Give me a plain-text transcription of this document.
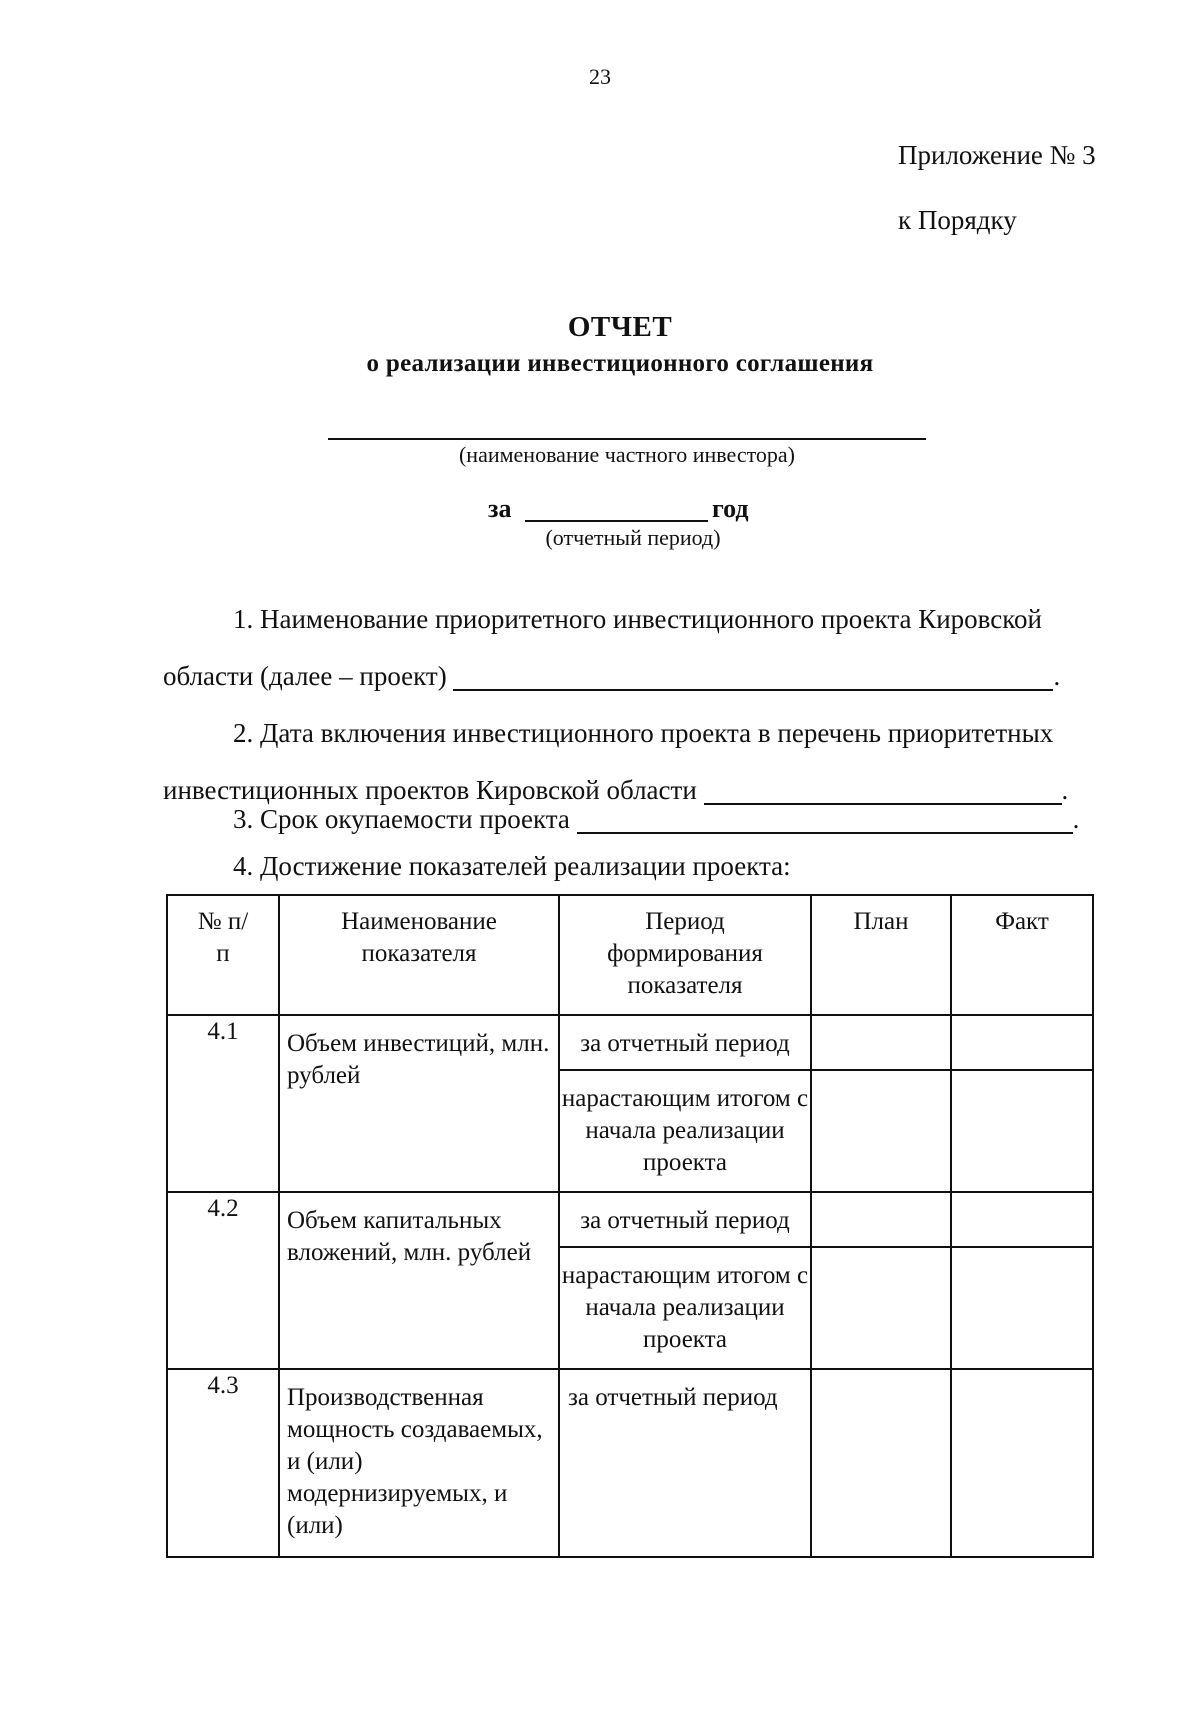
23
Приложение № 3
к Порядку
ОТЧЕТ
о реализации инвестиционного соглашения
(наименование частного инвестора)
за	год
(отчетный период)
1. Наименование приоритетного инвестиционного проекта Кировской
области (далее – проект)	.
2. Дата включения инвестиционного проекта в перечень приоритетных
инвестиционных проектов Кировской области	.
3. Срок окупаемости проекта	.
4. Достижение показателей реализации проекта:
№ п/п	Наименование показателя	Период формирования показателя	План	Факт
4.1	Объем инвестиций, млн. рублей	за отчетный период		
		нарастающим итогом с начала реализации проекта		
4.2	Объем капитальных вложений, млн. рублей	за отчетный период		
		нарастающим итогом с начала реализации проекта		
4.3	Производственная мощность создаваемых, и (или) модернизируемых, и (или)	за отчетный период		
